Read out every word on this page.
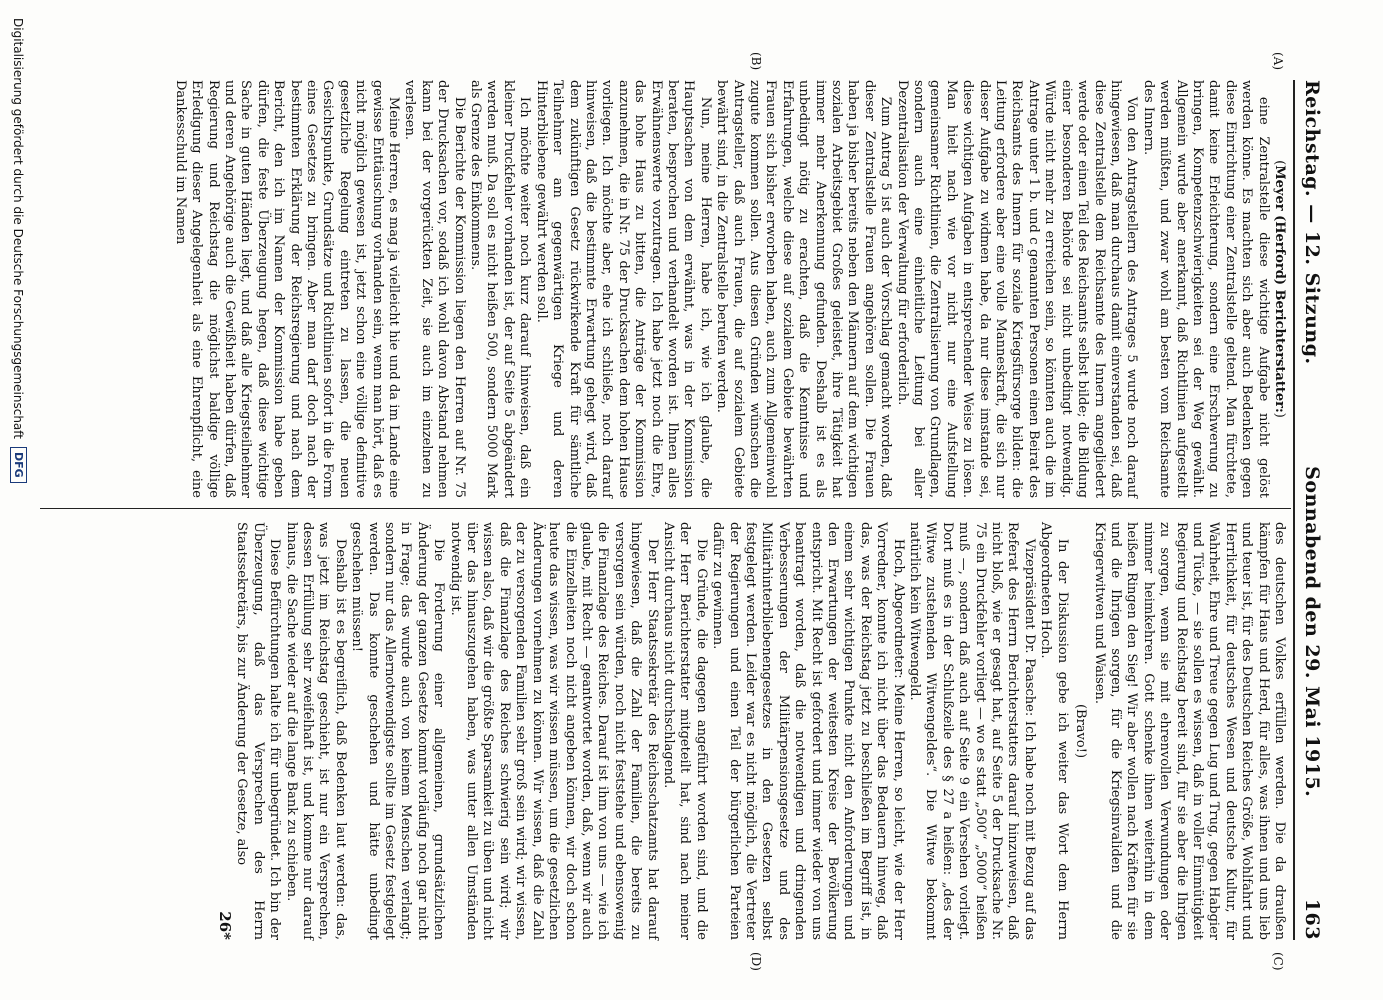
Reichstag. — 12. Sitzung.
Sonnabend den 29. Mai 1915.
163
(A)
(B)
(C)
(D)

(Meyer (Herford) Berichterstatter:)

eine Zentralstelle diese wichtige Aufgabe nicht gelöst werden könne. Es machten sich aber auch Bedenken gegen diese Einrichtung einer Zentralstelle geltend. Man fürchtete, damit keine Erleichterung, sondern eine Erschwerung zu bringen, Kompetenzschwierigkeiten sei der Weg gewählt. Allgemein wurde aber anerkannt, daß Richtlinien aufgestellt werden müßten, und zwar wohl am besten vom Reichsamte des Innern.

Von den Antragstellern des Antrages 5 wurde noch darauf hingewiesen, daß man durchaus damit einverstanden sei, daß diese Zentralstelle dem Reichsamte des Innern angegliedert werde oder einen Teil des Reichsamts selbst bilde; die Bildung einer besonderen Behörde sei nicht unbedingt notwendig. Würde nicht mehr zu erreichen sein, so könnten auch die im Antrage unter 1 b. und c genannten Personen einen Beirat des Reichsamts des Innern für soziale Kriegsfürsorge bilden: die Leitung erfordere aber eine volle Manneskraft, die sich nur dieser Aufgabe zu widmen habe, da nur diese imstande sei, diese wichtigen Aufgaben in entsprechender Weise zu lösen. Man hielt nach wie vor nicht nur eine Aufstellung gemeinsamer Richtlinien, die Zentralisierung von Grundlagen, sondern auch eine einheitliche Leitung bei aller Dezentralisation der Verwaltung für erforderlich.

Zum Antrag 5 ist auch der Vorschlag gemacht worden, daß dieser Zentralstelle Frauen angehören sollen. Die Frauen haben ja bisher bereits neben den Männern auf dem wichtigen sozialen Arbeitsgebiet Großes geleistet, ihre Tätigkeit hat immer mehr Anerkennung gefunden. Deshalb ist es als unbedingt nötig zu erachten, daß die Kenntnisse und Erfahrungen, welche diese auf sozialem Gebiete bewährten Frauen sich bisher erworben haben, auch zum Allgemeinwohl zugute kommen sollen. Aus diesen Gründen wünschen die Antragsteller, daß auch Frauen, die auf sozialem Gebiete bewährt sind, in die Zentralstelle berufen werden.

Nun, meine Herren, habe ich, wie ich glaube, die Hauptsachen von dem erwähnt, was in der Kommission beraten, besprochen und verhandelt worden ist. Ihnen alles Erwähnenswerte vorzutragen. Ich habe jetzt noch die Ehre, das hohe Haus zu bitten, die Anträge der Kommission anzunehmen, die in Nr. 75 der Drucksachen dem hohen Hause vorliegen. Ich möchte aber, ehe ich schließe, noch darauf hinweisen, daß die bestimmte Erwartung gehegt wird, daß dem zukünftigen Gesetz rückwirkende Kraft für sämtliche Teilnehmer am gegenwärtigen Kriege und deren Hinterbliebene gewährt werden soll.

Ich möchte weiter noch kurz darauf hinweisen, daß ein kleiner Druckfehler vorhanden ist, der auf Seite 5 abgeändert werden muß. Da soll es nicht heißen 500, sondern 5000 Mark als Grenze des Einkommens.

Die Berichte der Kommission liegen den Herren auf Nr. 75 der Drucksachen vor, sodaß ich wohl davon Abstand nehmen kann bei der vorgerückten Zeit, sie auch im einzelnen zu verlesen.

Meine Herren, es mag ja vielleicht hie und da im Lande eine gewisse Enttäuschung vorhanden sein, wenn man hört, daß es nicht möglich gewesen ist, jetzt schon eine völlige definitive gesetzliche Regelung eintreten zu lassen, die neuen Gesichtspunkte, Grundsätze und Richtlinien sofort in die Form eines Gesetzes zu bringen. Aber man darf doch nach der bestimmten Erklärung der Reichsregierung und nach dem Bericht, den ich im Namen der Kommission habe geben dürfen, die feste Überzeugung hegen, daß diese wichtige Sache in guten Händen liegt, und daß alle Kriegsteilnehmer und deren Angehörige auch die Gewißheit haben dürfen, daß Regierung und Reichstag die möglichst baldige völlige Erledigung dieser Angelegenheit als eine Ehrenpflicht, eine Dankesschuld im Namen

des deutschen Volkes erfüllen werden. Die da draußen kämpfen für Haus und Herd, für alles, was ihnen und uns lieb und teuer ist, für des Deutschen Reiches Größe, Wohlfahrt und Herrlichkeit, für deutsches Wesen und deutsche Kultur, für Wahrheit, Ehre und Treue gegen Lug und Trug, gegen Habgier und Tücke, — sie sollen es wissen, daß in voller Einmütigkeit Regierung und Reichstag bereit sind, für sie aber die Ihrigen zu sorgen, wenn sie mit ehrenvollen Verwundungen oder nimmer heimkehren. Gott schenke ihnen weiterhin in dem heißen Ringen den Sieg! Wir aber wollen nach Kräften für sie und die Ihrigen sorgen, für die Kriegsinvaliden und die Kriegerwitwen und Waisen.

(Bravo!)

In der Diskussion gebe ich weiter das Wort dem Herrn Abgeordneten Hoch.

Vizepräsident Dr. Paasche: Ich habe noch mit Bezug auf das Referat des Herrn Berichterstatters darauf hinzuweisen, daß nicht bloß, wie er gesagt hat, auf Seite 5 der Drucksache Nr. 75 ein Druckfehler vorliegt — wo es statt „500“ „5000“ heißen muß —, sondern daß auch auf Seite 9 ein Versehen vorliegt. Dort muß es in der Schlußzeile des § 27 a heißen: „des der Witwe zustehenden Witwengeldes“. Die Witwe bekommt natürlich kein Witwengeld.

Hoch, Abgeordneter: Meine Herren, so leicht, wie der Herr Vorredner, konnte ich nicht über das Bedauern hinweg, daß das, was der Reichstag jetzt zu beschließen im Begriff ist, in einem sehr wichtigen Punkte nicht den Anforderungen und den Erwartungen der weitesten Kreise der Bevölkerung entspricht. Mit Recht ist gefordert und immer wieder von uns beantragt worden, daß die notwendigen und dringenden Verbesserungen der Militärpensionsgesetze und des Militärhinterbliebenengesetzes in den Gesetzen selbst festgelegt werden. Leider war es nicht möglich, die Vertreter der Regierungen und einen Teil der bürgerlichen Parteien dafür zu gewinnen.

Die Gründe, die dagegen angeführt worden sind, und die der Herr Berichterstatter mitgeteilt hat, sind nach meiner Ansicht durchaus nicht durchschlagend.

Der Herr Staatssekretär des Reichsschatzamts hat darauf hingewiesen, daß die Zahl der Familien, die bereits zu versorgen sein würden, noch nicht feststehe und ebensowenig die Finanzlage des Reiches. Darauf ist ihm von uns — wie ich glaube, mit Recht — geantwortet worden, daß, wenn wir auch die Einzelheiten noch nicht angeben können, wir doch schon heute das wissen, was wir wissen müssen, um die gesetzlichen Änderungen vornehmen zu können. Wir wissen, daß die Zahl der zu versorgenden Familien sehr groß sein wird; wir wissen, daß die Finanzlage des Reiches schwierig sein wird; wir wissen also, daß wir die größte Sparsamkeit zu üben und nicht über das hinauszugehen haben, was unter allen Umständen notwendig ist.

Die Forderung einer allgemeinen, grundsätzlichen Änderung der ganzen Gesetze kommt vorläufig noch gar nicht in Frage; das wurde auch von keinem Menschen verlangt; sondern nur das Allernotwendigste sollte im Gesetz festgelegt werden. Das konnte geschehen und hätte unbedingt geschehen müssen!

Deshalb ist es begreiflich, daß Bedenken laut werden: das, was jetzt im Reichstag geschieht, ist nur ein Versprechen, dessen Erfüllung sehr zweifelhaft ist, und komme nur darauf hinaus, die Sache wieder auf die lange Bank zu schieben.

Diese Befürchtungen halte ich für unbegründet. Ich bin der Überzeugung, daß das Versprechen des Herrn Staatssekretärs, bis zur Änderung der Gesetze, also

26*

Digitalisierung gefördert durch die Deutsche Forschungsgemeinschaft
DFG
